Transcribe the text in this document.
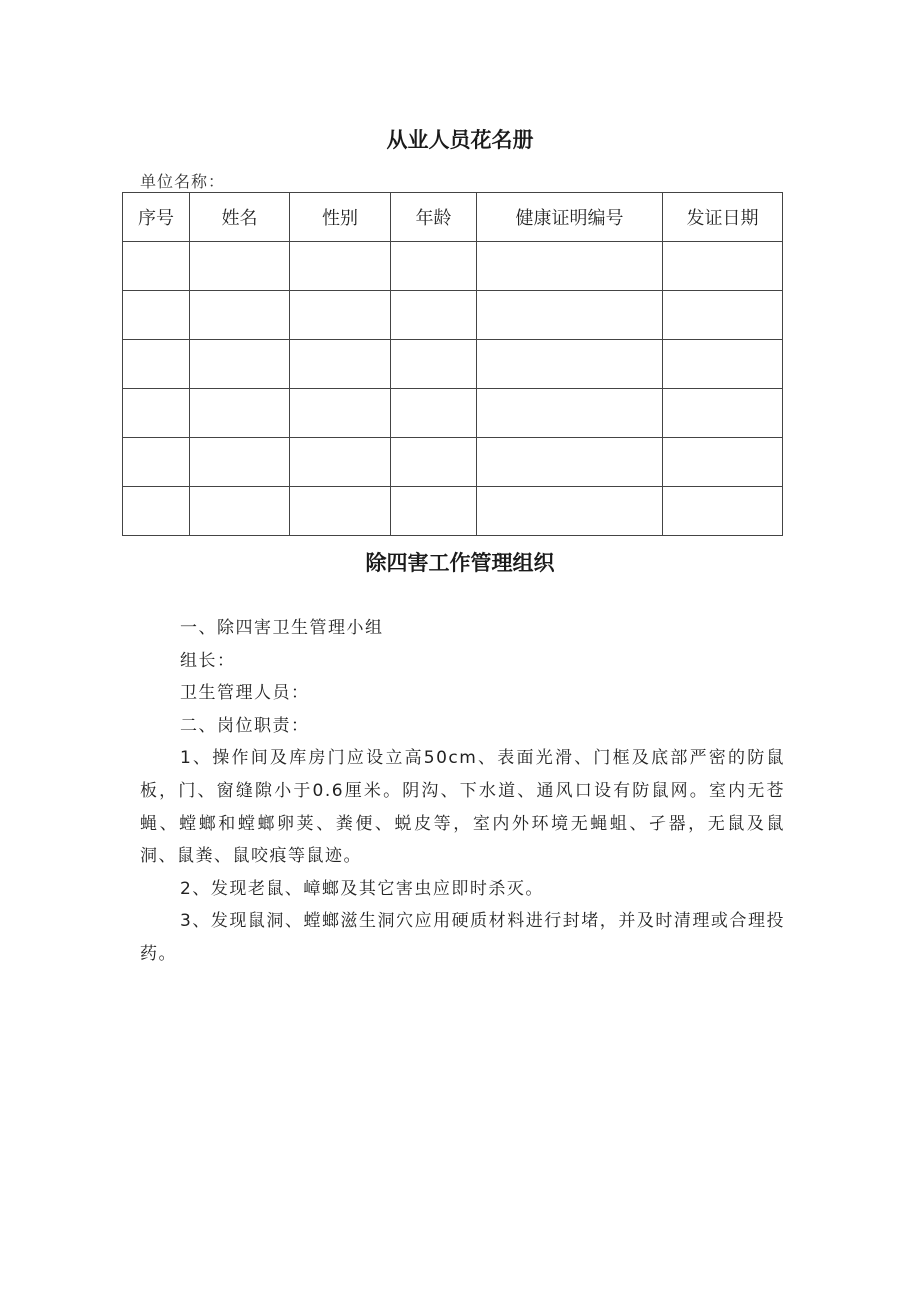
从业人员花名册
单位名称：
序号	姓名	性别	年龄	健康证明编号	发证日期

除四害工作管理组织

一、除四害卫生管理小组

组长：

卫生管理人员：

二、岗位职责：

1、操作间及库房门应设立高50cm、表面光滑、门框及底部严密的防鼠板，门、窗缝隙小于0.6厘米。阴沟、下水道、通风口设有防鼠网。室内无苍蝇、螳螂和螳螂卵荚、粪便、蜕皮等，室内外环境无蝇蛆、孑器，无鼠及鼠洞、鼠粪、鼠咬痕等鼠迹。

2、发现老鼠、嶂螂及其它害虫应即时杀灭。

3、发现鼠洞、螳螂滋生洞穴应用硬质材料进行封堵，并及时清理或合理投药。
